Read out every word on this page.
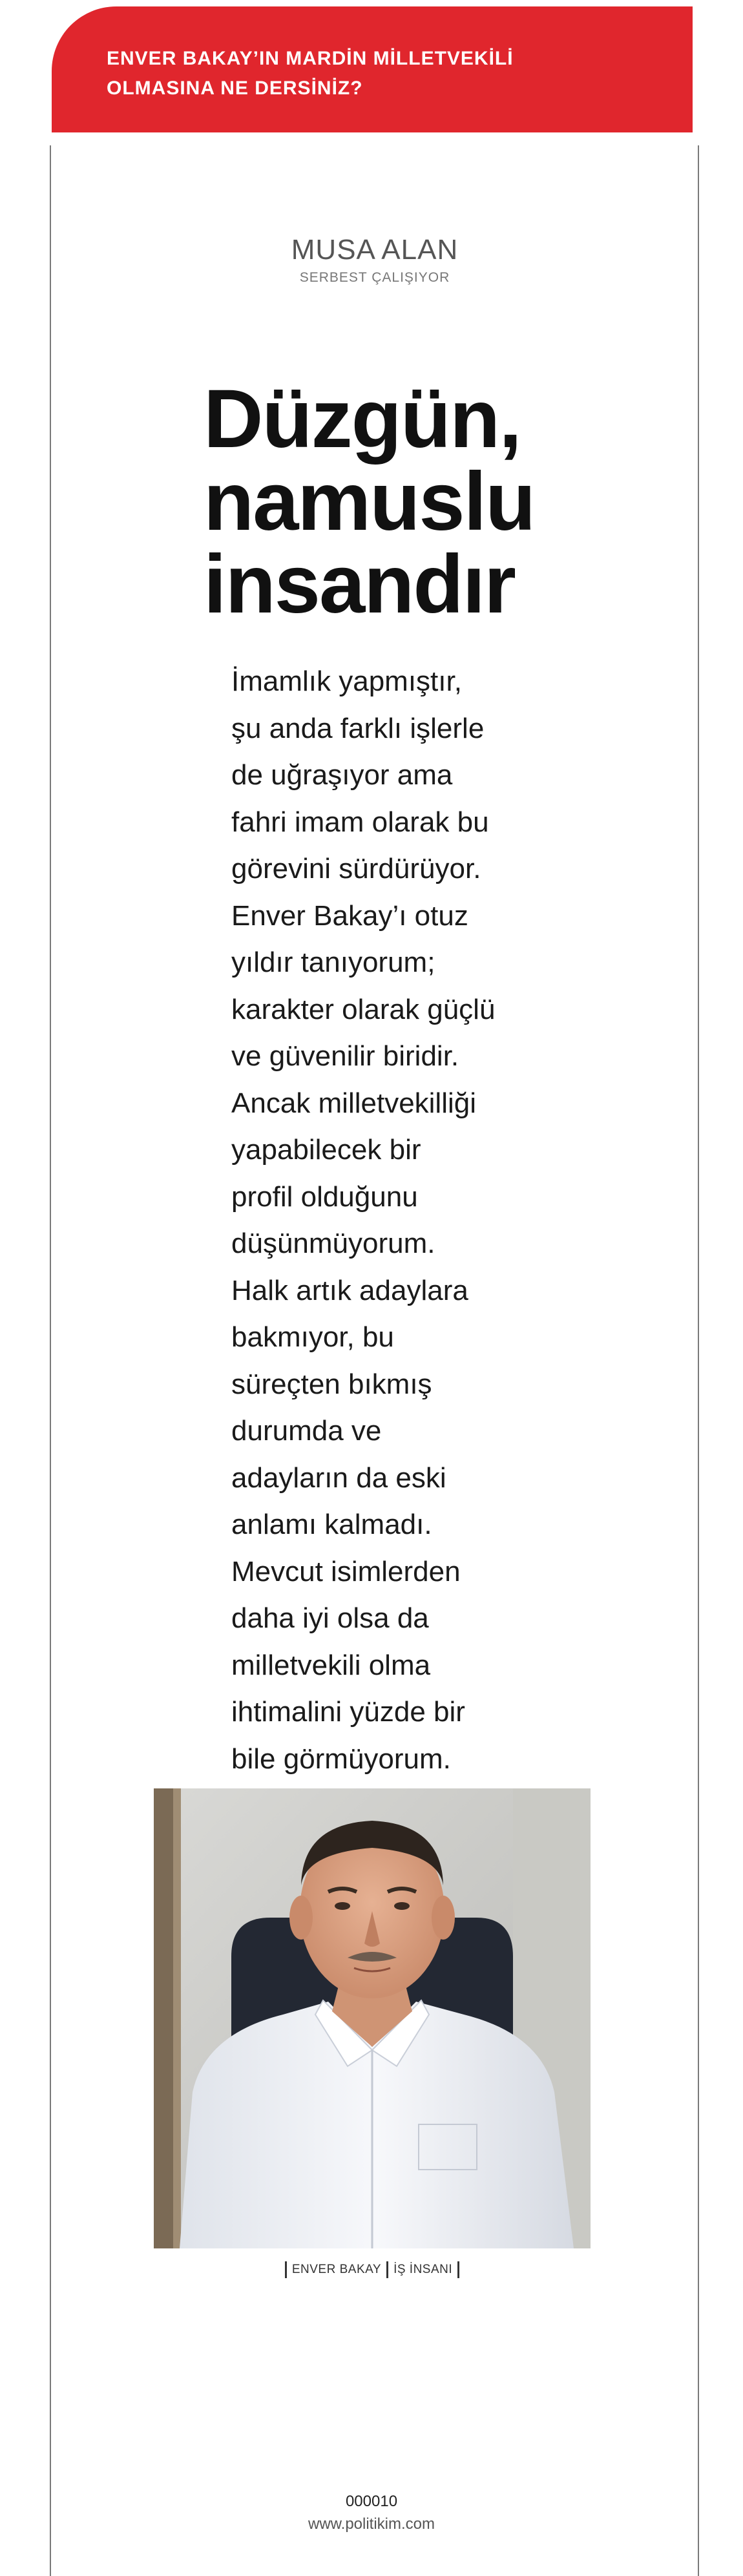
ENVER BAKAY’IN MARDİN MİLLETVEKİLİ
OLMASINA NE DERSİNİZ?
MUSA ALAN
SERBEST ÇALIŞIYOR
Düzgün,
namuslu
insandır
İmamlık yapmıştır,
şu anda farklı işlerle
de uğraşıyor ama
fahri imam olarak bu
görevini sürdürüyor.
Enver Bakay’ı otuz
yıldır tanıyorum;
karakter olarak güçlü
ve güvenilir biridir.
Ancak milletvekilliği
yapabilecek bir
profil olduğunu
düşünmüyorum.
Halk artık adaylara
bakmıyor, bu
süreçten bıkmış
durumda ve
adayların da eski
anlamı kalmadı.
Mevcut isimlerden
daha iyi olsa da
milletvekili olma
ihtimalini yüzde bir
bile görmüyorum.
ENVER BAKAY İŞ İNSANI
000010
www.politikim.com
